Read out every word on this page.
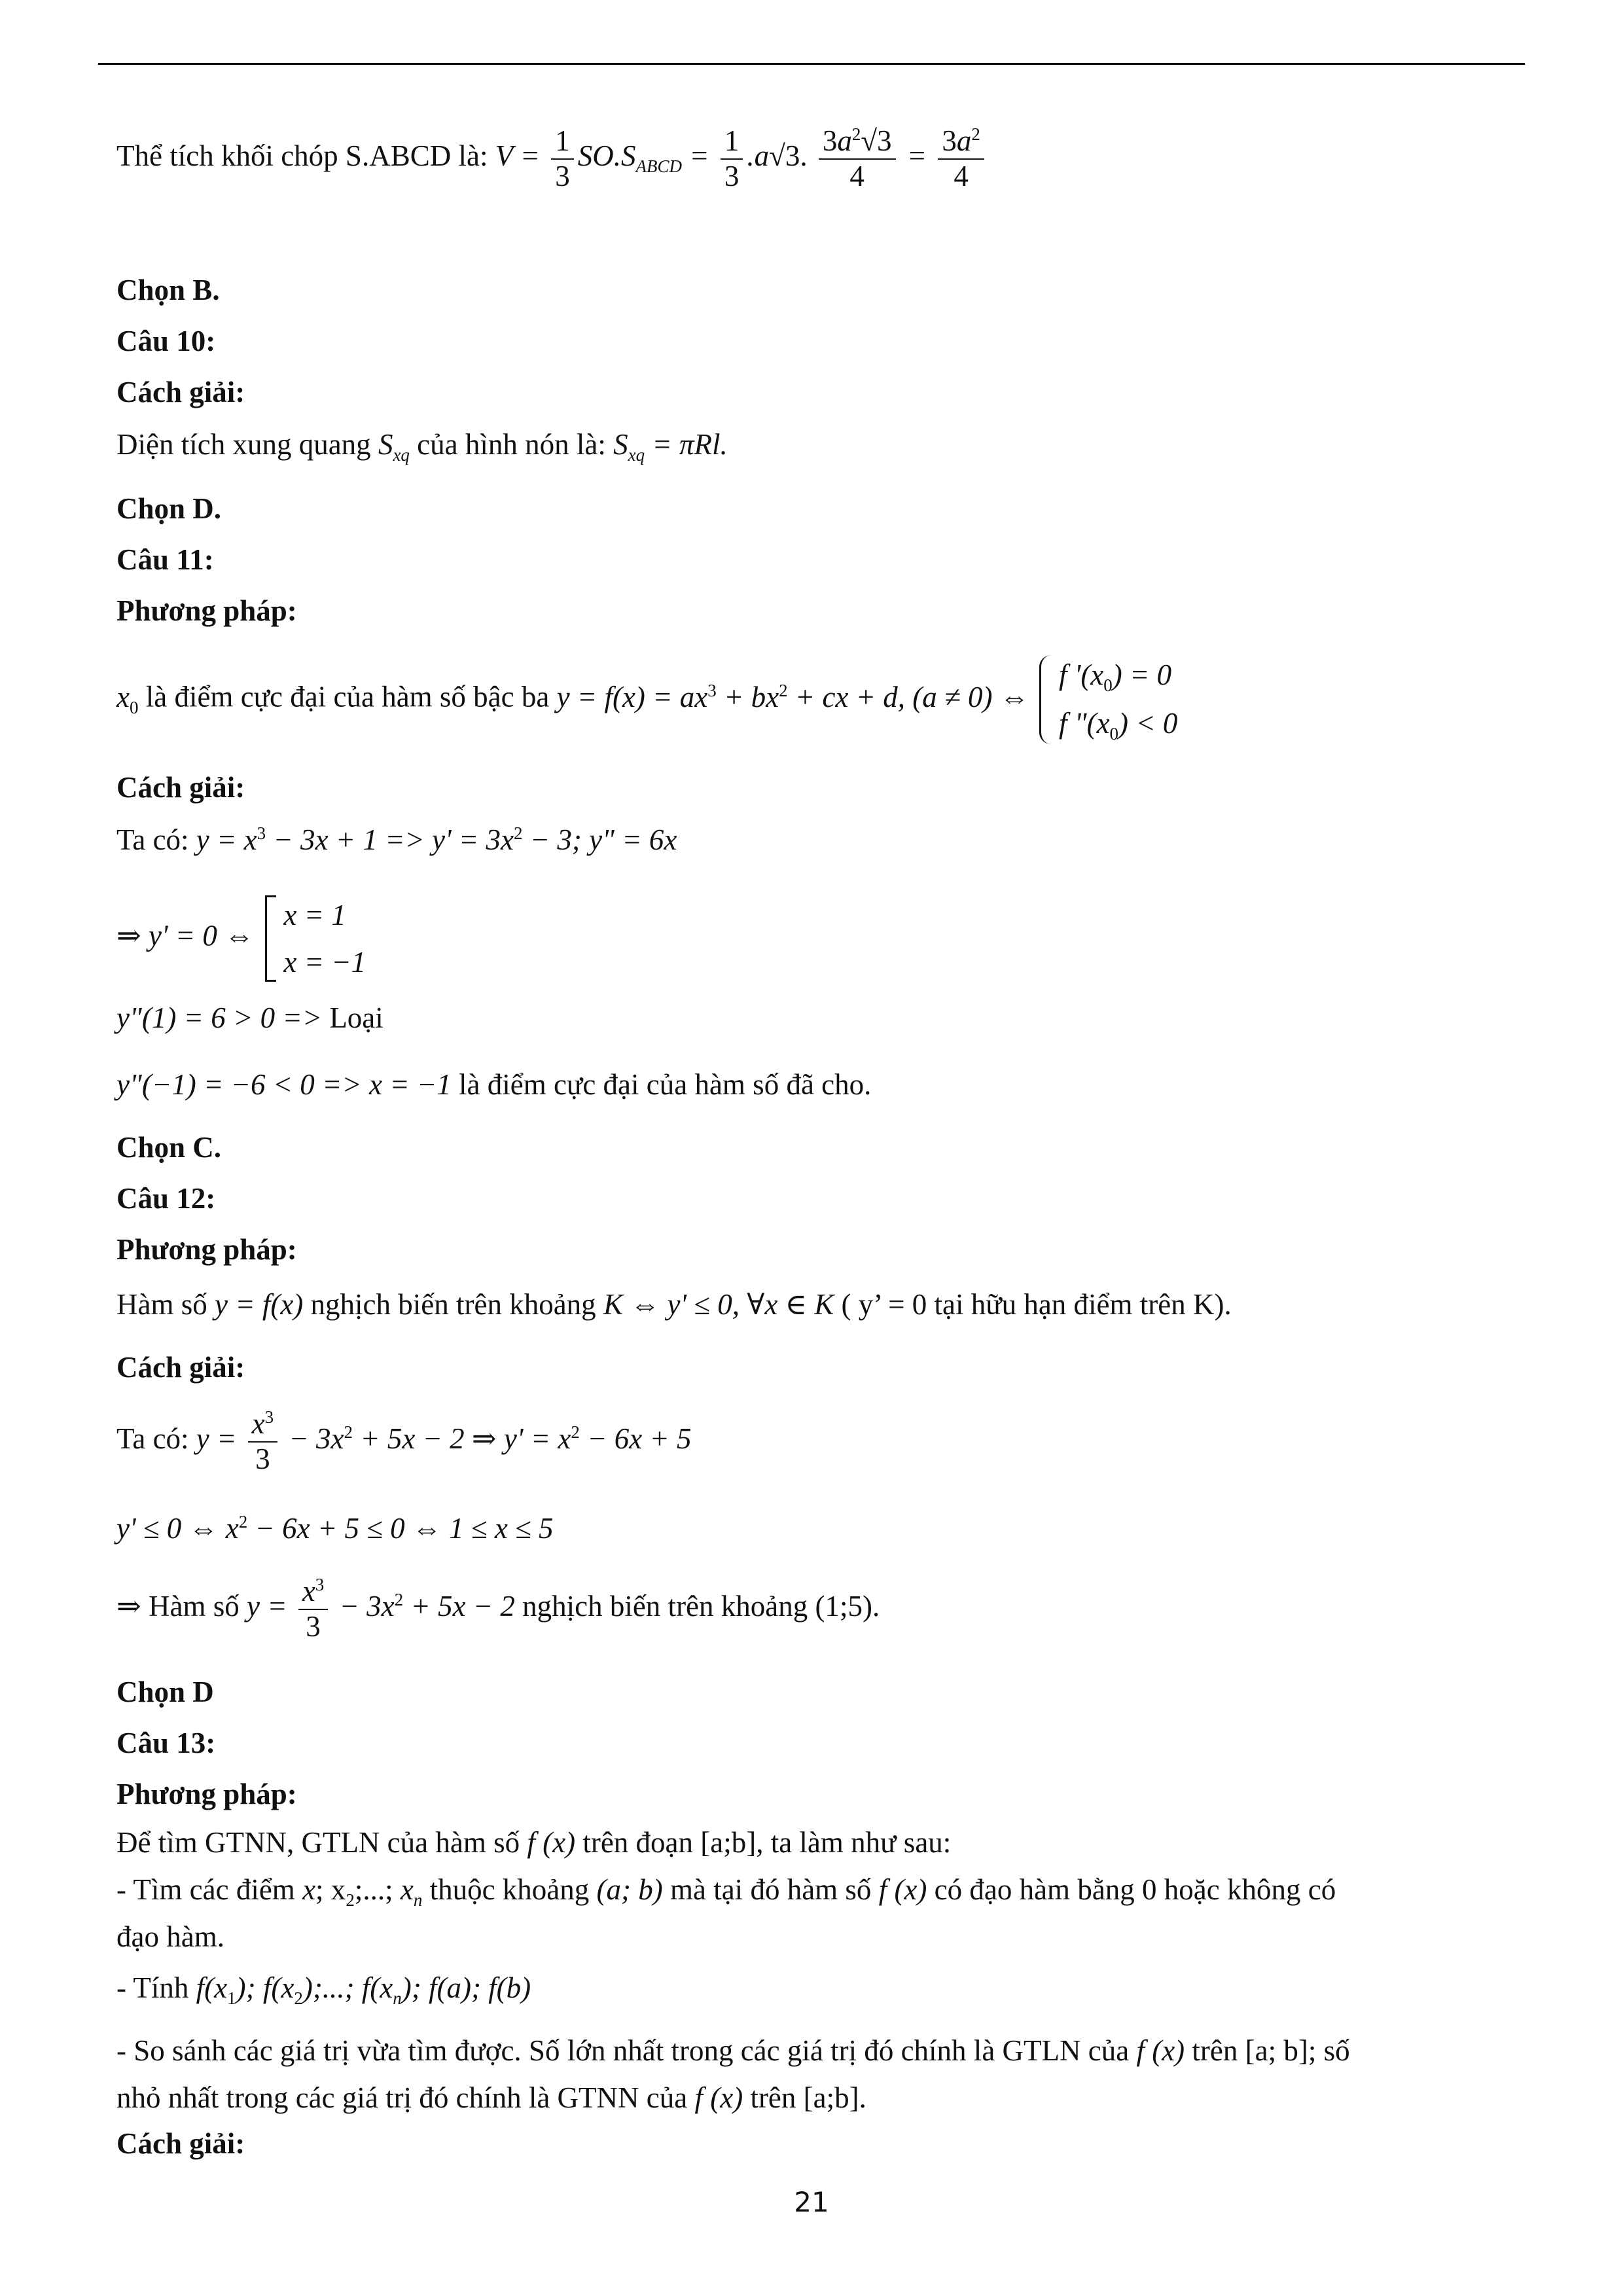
Thể tích khối chóp S.ABCD là: $V = \frac{1}{3} SO.S_{ABCD} = \frac{1}{3} .a√3$. $\frac{3a^2√3}{4} = \frac{3a^2}{4}$
Chọn B.
Câu 10:
Cách giải:
Diện tích xung quang $S_{xq}$ của hình nón là: $S_{xq} = \pi Rl$.
Chọn D.
Câu 11:
Phương pháp:
$x_0$ là điểm cực đại của hàm số bậc ba $y = f(x) = ax^3 + bx^2$ + cx + d, (a ≠ 0) ⇔
f '$(x_0) = 0$
f "$(x_0) < 0$
Cách giải:
Ta có: $y = x^3 - 3x + 1 => y' = 3x^2 - 3$; y" = 6x
⇒ y' = 0 ⇔
x = 1
x = −1
y"(1) = 6 > 0 => Loại
y"(−1) = −6 < 0 => x = −1 là điểm cực đại của hàm số đã cho.
Chọn C.
Câu 12:
Phương pháp:
Hàm số y = f(x) nghịch biến trên khoảng K ⇔ y' ≤ 0, ∀x ∈ K ( y’ = 0 tại hữu hạn điểm trên K).
Cách giải:
Ta có: $y = \frac{x^3}{3} - 3x^2 + 5x - 2$ ⇒ $y' = x^2 - 6x + 5$
y' ≤ 0 ⇔ $x^2 - 6x + 5 \le 0$ ⇔ 1 ≤ x ≤ 5
⇒ Hàm số $y = \frac{x^3}{3} - 3x^2 + 5x - 2$ nghịch biến trên khoảng (1;5).
Chọn D
Câu 13:
Phương pháp:
Để tìm GTNN, GTLN của hàm số f (x) trên đoạn [a;b], ta làm như sau:
- Tìm các điểm x; $x_2$;...; $x_n$ thuộc khoảng (a; b) mà tại đó hàm số f (x) có đạo hàm bằng 0 hoặc không có
đạo hàm.
- Tính $f(x_1)$; $f(x_2)$;...; $f(x_n)$; f(a); f(b)
- So sánh các giá trị vừa tìm được. Số lớn nhất trong các giá trị đó chính là GTLN của f (x) trên [a; b]; số
nhỏ nhất trong các giá trị đó chính là GTNN của f (x) trên [a;b].
Cách giải:
21
